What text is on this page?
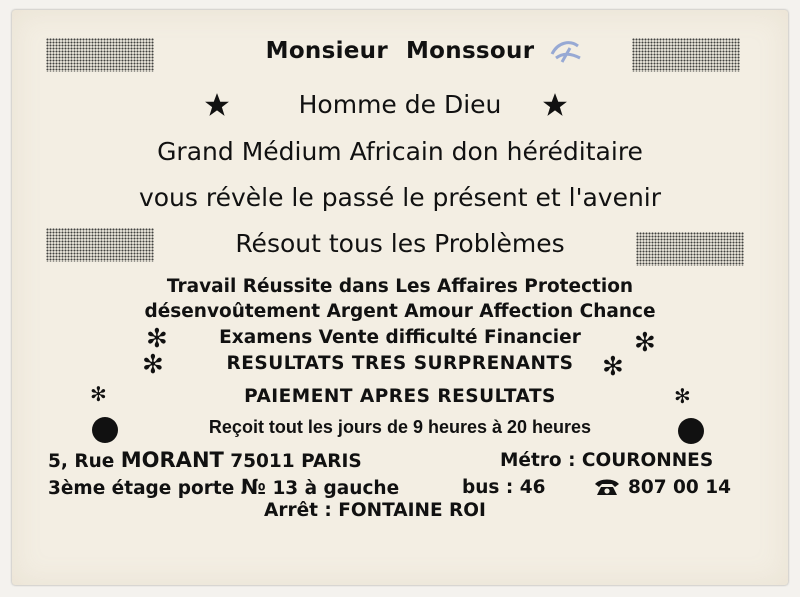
Monsieur Monssour
Homme de Dieu
Grand Médium Africain don héréditaire
vous révèle le passé le présent et l'avenir
Résout tous les Problèmes
Travail Réussite dans Les Affaires Protection
désenvoûtement Argent Amour Affection Chance
✻	Examens Vente difficulté Financier	✻
✻	RESULTATS TRES SURPRENANTS	✻
✻	PAIEMENT APRES RESULTATS	✻
Reçoit tout les jours de 9 heures à 20 heures
5, Rue MORANT 75011 PARIS	Métro : COURONNES
3ème étage porte № 13 à gauche	bus : 46	807 00 14
Arrêt : FONTAINE ROI
